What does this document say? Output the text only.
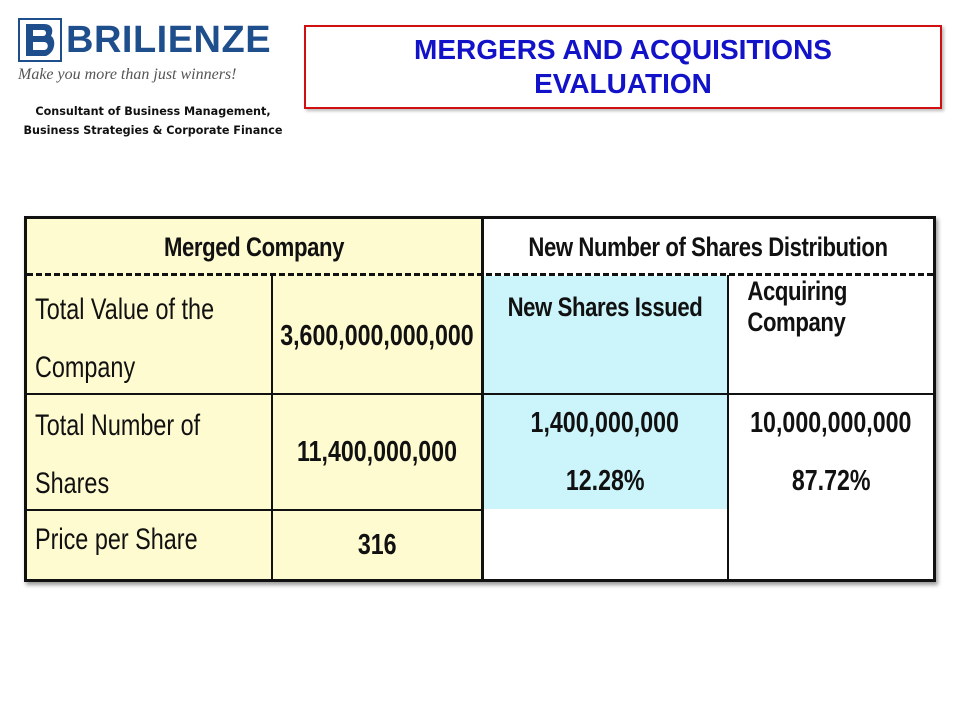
BRILIENZE
Make you more than just winners!
Consultant of Business Management,
Business Strategies & Corporate Finance
MERGERS AND ACQUISITIONS
EVALUATION
Merged Company	New Number of Shares Distribution
New Shares Issued
Acquiring Company
Total Value of the Company
3,600,000,000,000
Total Number of Shares
11,400,000,000
1,400,000,000
12.28%
10,000,000,000
87.72%
Price per Share	316
